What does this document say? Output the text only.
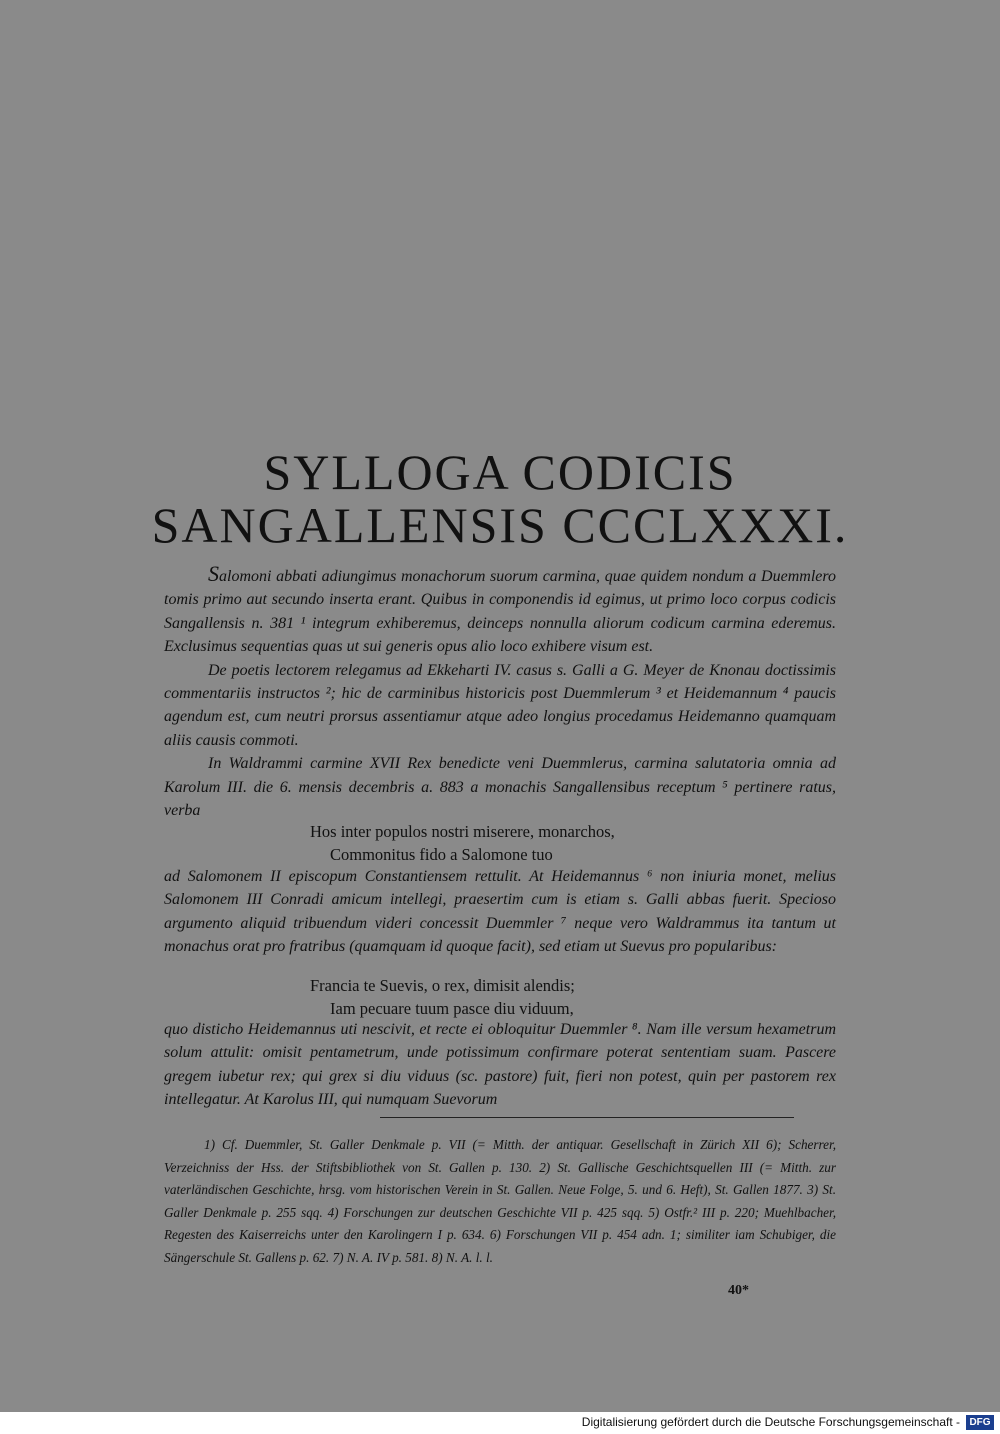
SYLLOGA CODICIS
SANGALLENSIS CCCLXXXI.

Salomoni abbati adiungimus monachorum suorum carmina, quae quidem nondum a Duemmlero tomis primo aut secundo inserta erant. Quibus in componendis id egimus, ut primo loco corpus codicis Sangallensis n. 381 ¹ integrum exhiberemus, deinceps nonnulla aliorum codicum carmina ederemus. Exclusimus sequentias quas ut sui generis opus alio loco exhibere visum est.

De poetis lectorem relegamus ad Ekkeharti IV. casus s. Galli a G. Meyer de Knonau doctissimis commentariis instructos ²; hic de carminibus historicis post Duemmlerum ³ et Heidemannum ⁴ paucis agendum est, cum neutri prorsus assentiamur atque adeo longius procedamus Heidemanno quamquam aliis causis commoti.

In Waldrammi carmine XVII Rex benedicte veni Duemmlerus, carmina salutatoria omnia ad Karolum III. die 6. mensis decembris a. 883 a monachis Sangallensibus receptum ⁵ pertinere ratus, verba

Hos inter populos nostri miserere, monarchos,
Commonitus fido a Salomone tuo

ad Salomonem II episcopum Constantiensem rettulit. At Heidemannus ⁶ non iniuria monet, melius Salomonem III Conradi amicum intellegi, praesertim cum is etiam s. Galli abbas fuerit. Specioso argumento aliquid tribuendum videri concessit Duemmler ⁷ neque vero Waldrammus ita tantum ut monachus orat pro fratribus (quamquam id quoque facit), sed etiam ut Suevus pro popularibus:

Francia te Suevis, o rex, dimisit alendis;
Iam pecuare tuum pasce diu viduum,

quo disticho Heidemannus uti nescivit, et recte ei obloquitur Duemmler ⁸. Nam ille versum hexametrum solum attulit: omisit pentametrum, unde potissimum confirmare poterat sententiam suam. Pascere gregem iubetur rex; qui grex si diu viduus (sc. pastore) fuit, fieri non potest, quin per pastorem rex intellegatur. At Karolus III, qui numquam Suevorum

1) Cf. Duemmler, St. Galler Denkmale p. VII (= Mitth. der antiquar. Gesellschaft in Zürich XII 6); Scherrer, Verzeichniss der Hss. der Stiftsbibliothek von St. Gallen p. 130. 2) St. Gallische Geschichtsquellen III (= Mitth. zur vaterländischen Geschichte, hrsg. vom historischen Verein in St. Gallen. Neue Folge, 5. und 6. Heft), St. Gallen 1877. 3) St. Galler Denkmale p. 255 sqq. 4) Forschungen zur deutschen Geschichte VII p. 425 sqq. 5) Ostfr.² III p. 220; Muehlbacher, Regesten des Kaiserreichs unter den Karolingern I p. 634. 6) Forschungen VII p. 454 adn. 1; similiter iam Schubiger, die Sängerschule St. Gallens p. 62. 7) N. A. IV p. 581. 8) N. A. l. l.

40*
Digitalisierung gefördert durch die Deutsche Forschungsgemeinschaft - DFG
